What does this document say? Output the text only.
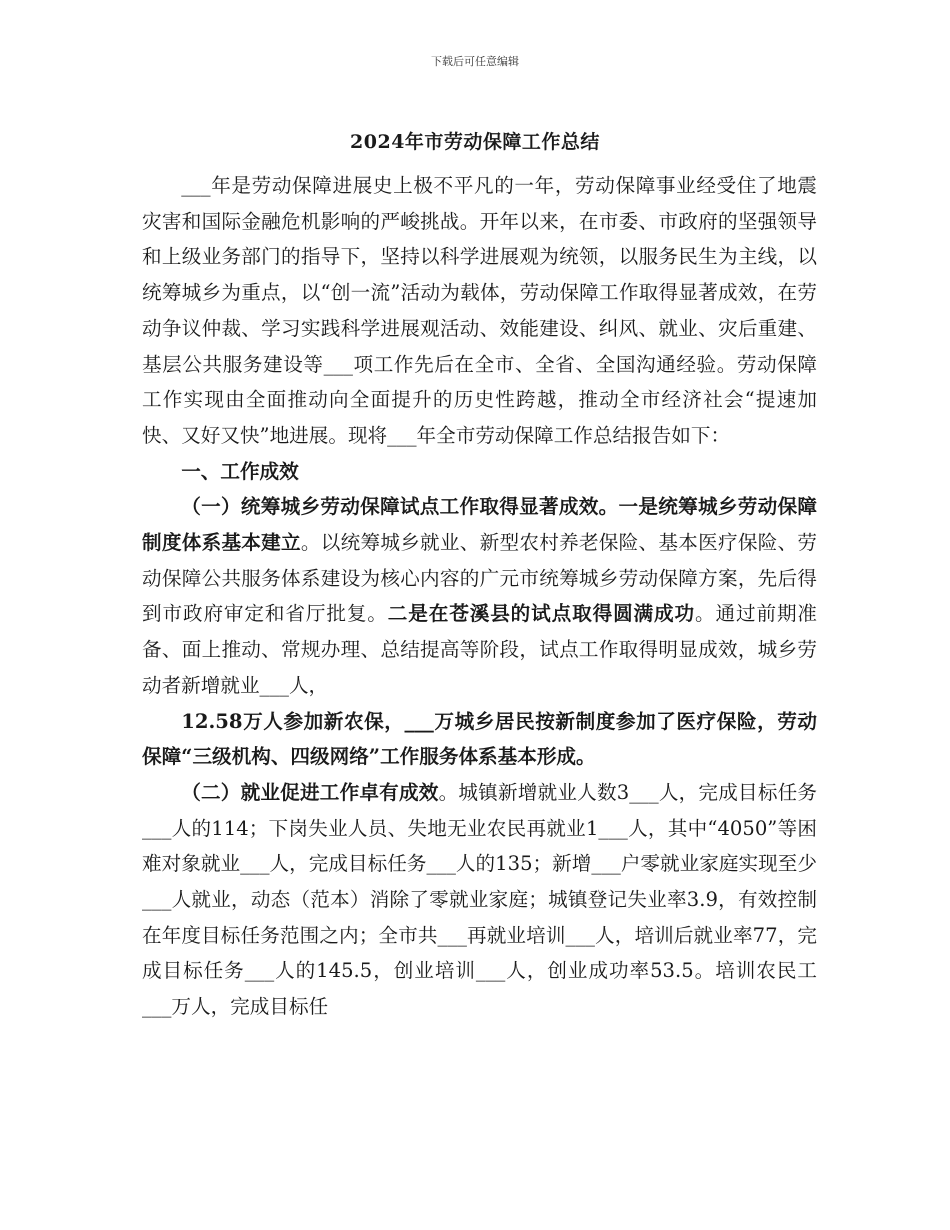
下载后可任意编辑
2024年市劳动保障工作总结

___年是劳动保障进展史上极不平凡的一年，劳动保障事业经受住了地震灾害和国际金融危机影响的严峻挑战。开年以来，在市委、市政府的坚强领导和上级业务部门的指导下，坚持以科学进展观为统领，以服务民生为主线，以统筹城乡为重点，以“创一流”活动为载体，劳动保障工作取得显著成效，在劳动争议仲裁、学习实践科学进展观活动、效能建设、纠风、就业、灾后重建、基层公共服务建设等___项工作先后在全市、全省、全国沟通经验。劳动保障工作实现由全面推动向全面提升的历史性跨越，推动全市经济社会“提速加快、又好又快”地进展。现将___年全市劳动保障工作总结报告如下：

一、工作成效

（一）统筹城乡劳动保障试点工作取得显著成效。一是统筹城乡劳动保障制度体系基本建立。以统筹城乡就业、新型农村养老保险、基本医疗保险、劳动保障公共服务体系建设为核心内容的广元市统筹城乡劳动保障方案，先后得到市政府审定和省厅批复。二是在苍溪县的试点取得圆满成功。通过前期准备、面上推动、常规办理、总结提高等阶段，试点工作取得明显成效，城乡劳动者新增就业___人，

12.58万人参加新农保，___万城乡居民按新制度参加了医疗保险，劳动保障“三级机构、四级网络”工作服务体系基本形成。

（二）就业促进工作卓有成效。城镇新增就业人数3___人，完成目标任务___人的114；下岗失业人员、失地无业农民再就业1___人，其中“4050”等困难对象就业___人，完成目标任务___人的135；新增___户零就业家庭实现至少___人就业，动态（范本）消除了零就业家庭；城镇登记失业率3.9，有效控制在年度目标任务范围之内；全市共___再就业培训___人，培训后就业率77，完成目标任务___人的145.5，创业培训___人，创业成功率53.5。培训农民工___万人，完成目标任
